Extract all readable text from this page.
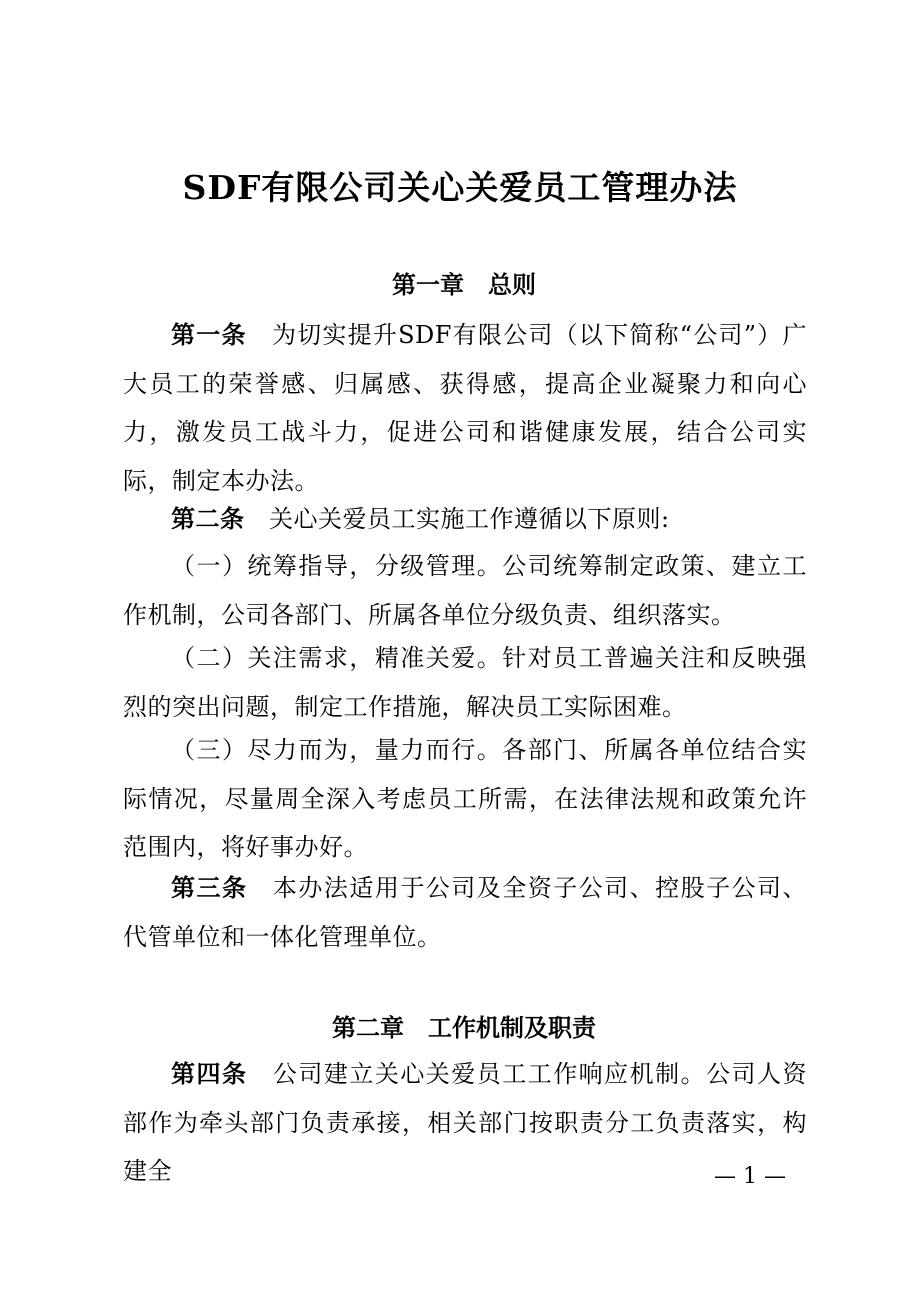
SDF有限公司关心关爱员工管理办法
第一章　总则

第一条　为切实提升SDF有限公司（以下简称“公司”）广大员工的荣誉感、归属感、获得感，提高企业凝聚力和向心力，激发员工战斗力，促进公司和谐健康发展，结合公司实际，制定本办法。

第二条　关心关爱员工实施工作遵循以下原则:

（一）统筹指导，分级管理。公司统筹制定政策、建立工作机制，公司各部门、所属各单位分级负责、组织落实。

（二）关注需求，精准关爱。针对员工普遍关注和反映强烈的突出问题，制定工作措施，解决员工实际困难。

（三）尽力而为，量力而行。各部门、所属各单位结合实际情况，尽量周全深入考虑员工所需，在法律法规和政策允许范围内，将好事办好。

第三条　本办法适用于公司及全资子公司、控股子公司、代管单位和一体化管理单位。

第二章　工作机制及职责

第四条　公司建立关心关爱员工工作响应机制。公司人资部作为牵头部门负责承接，相关部门按职责分工负责落实，构建全	— 1 —
